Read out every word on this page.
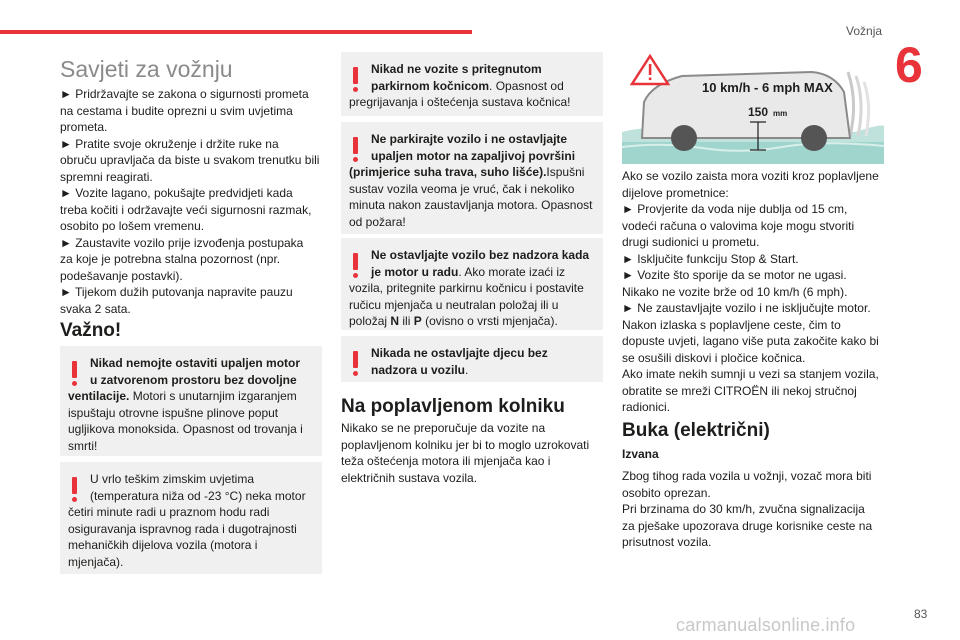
Vožnja
6
Savjeti za vožnju
► Pridržavajte se zakona o sigurnosti prometa
na cestama i budite oprezni u svim uvjetima
prometa.
► Pratite svoje okruženje i držite ruke na
obruču upravljača da biste u svakom trenutku bili
spremni reagirati.
► Vozite lagano, pokušajte predvidjeti kada
treba kočiti i održavajte veći sigurnosni razmak,
osobito po lošem vremenu.
► Zaustavite vozilo prije izvođenja postupaka
za koje je potrebna stalna pozornost (npr.
podešavanje postavki).
► Tijekom dužih putovanja napravite pauzu
svaka 2 sata.
Važno!
Nikad nemojte ostaviti upaljen motor
u zatvorenom prostoru bez dovoljne
ventilacije. Motori s unutarnjim izgaranjem
ispuštaju otrovne ispušne plinove poput
ugljikova monoksida. Opasnost od trovanja i
smrti!
U vrlo teškim zimskim uvjetima
(temperatura niža od -23 °C) neka motor
četiri minute radi u praznom hodu radi
osiguravanja ispravnog rada i dugotrajnosti
mehaničkih dijelova vozila (motora i
mjenjača).
Nikad ne vozite s pritegnutom
parkirnom kočnicom. Opasnost od
pregrijavanja i oštećenja sustava kočnica!
Ne parkirajte vozilo i ne ostavljajte
upaljen motor na zapaljivoj površini
(primjerice suha trava, suho lišće).Ispušni
sustav vozila veoma je vruć, čak i nekoliko
minuta nakon zaustavljanja motora. Opasnost
od požara!
Ne ostavljajte vozilo bez nadzora kada
je motor u radu. Ako morate izaći iz
vozila, pritegnite parkirnu kočnicu i postavite
ručicu mjenjača u neutralan položaj ili u
položaj N ili P (ovisno o vrsti mjenjača).
Nikada ne ostavljajte djecu bez
nadzora u vozilu.
Na poplavljenom kolniku
Nikako se ne preporučuje da vozite na
poplavljenom kolniku jer bi to moglo uzrokovati
teža oštećenja motora ili mjenjača kao i
električnih sustava vozila.
10 km/h - 6 mph MAX
150 mm
Ako se vozilo zaista mora voziti kroz poplavljene
dijelove prometnice:
► Provjerite da voda nije dublja od 15 cm,
vodeći računa o valovima koje mogu stvoriti
drugi sudionici u prometu.
► Isključite funkciju Stop & Start.
► Vozite što sporije da se motor ne ugasi.
Nikako ne vozite brže od 10 km/h (6 mph).
► Ne zaustavljajte vozilo i ne isključujte motor.
Nakon izlaska s poplavljene ceste, čim to
dopuste uvjeti, lagano više puta zakočite kako bi
se osušili diskovi i pločice kočnica.
Ako imate nekih sumnji u vezi sa stanjem vozila,
obratite se mreži CITROËN ili nekoj stručnoj
radionici.
Buka (električni)
Izvana
Zbog tihog rada vozila u vožnji, vozač mora biti
osobito oprezan.
Pri brzinama do 30 km/h, zvučna signalizacija
za pješake upozorava druge korisnike ceste na
prisutnost vozila.
83
carmanualsonline.info
